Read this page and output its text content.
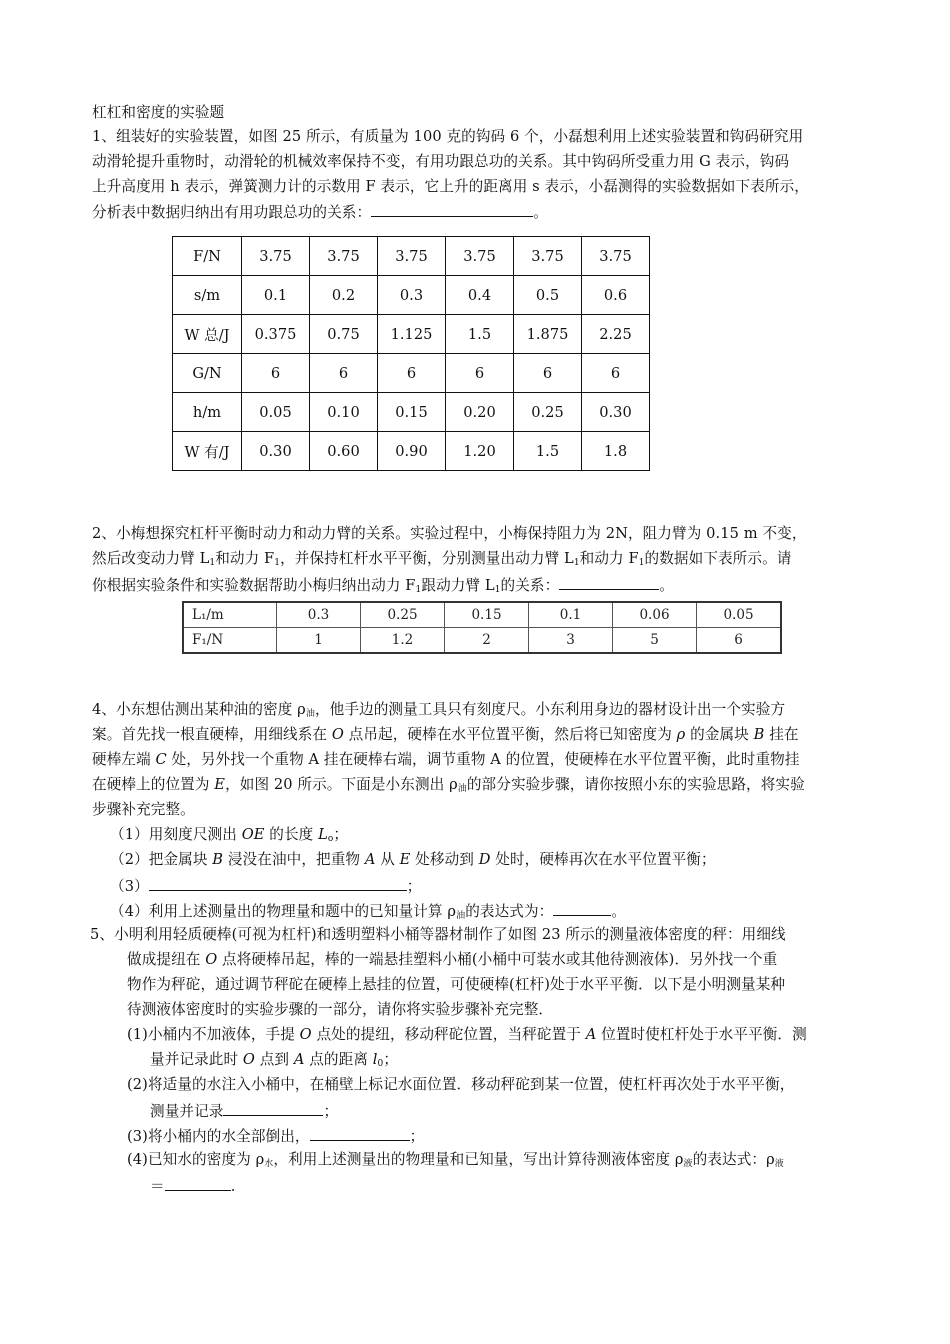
杠杠和密度的实验题
1、组装好的实验装置，如图 25 所示，有质量为 100 克的钩码 6 个，小磊想利用上述实验装置和钩码研究用
动滑轮提升重物时，动滑轮的机械效率保持不变，有用功跟总功的关系。其中钩码所受重力用 G 表示，钩码
上升高度用 h 表示，弹簧测力计的示数用 F 表示，它上升的距离用 s 表示，小磊测得的实验数据如下表所示，
分析表中数据归纳出有用功跟总功的关系：	。
F/N	3.75	3.75	3.75	3.75	3.75	3.75
s/m	0.1	0.2	0.3	0.4	0.5	0.6
W 总/J	0.375	0.75	1.125	1.5	1.875	2.25
G/N	6	6	6	6	6	6
h/m	0.05	0.10	0.15	0.20	0.25	0.30
W 有/J	0.30	0.60	0.90	1.20	1.5	1.8
2、小梅想探究杠杆平衡时动力和动力臂的关系。实验过程中，小梅保持阻力为 2N，阻力臂为 0.15 m 不变，
然后改变动力臂 $L_1$和动力 $F_1$，并保持杠杆水平平衡，分别测量出动力臂 $L_1$和动力 $F_1$的数据如下表所示。请
你根据实验条件和实验数据帮助小梅归纳出动力 $F_1$跟动力臂 $L_1$的关系：	。
L₁/m	0.3	0.25	0.15	0.1	0.06	0.05
F₁/N	1	1.2	2	3	5	6
4、小东想估测出某种油的密度 $\rho_油$，他手边的测量工具只有刻度尺。小东利用身边的器材设计出一个实验方
案。首先找一根直硬棒，用细线系在 O 点吊起，硬棒在水平位置平衡，然后将已知密度为 ρ 的金属块 B 挂在
硬棒左端 C 处，另外找一个重物 A 挂在硬棒右端，调节重物 A 的位置，使硬棒在水平位置平衡，此时重物挂
在硬棒上的位置为 E，如图 20 所示。下面是小东测出 $\rho_油$的部分实验步骤，请你按照小东的实验思路，将实验
步骤补充完整。
（1）用刻度尺测出 OE 的长度 $L_o$；
（2）把金属块 B 浸没在油中，把重物 A 从 E 处移动到 D 处时，硬棒再次在水平位置平衡；
（3）	；
（4）利用上述测量出的物理量和题中的已知量计算 $\rho_油$的表达式为：	。
5、小明利用轻质硬棒(可视为杠杆)和透明塑料小桶等器材制作了如图 23 所示的测量液体密度的秤：用细线
做成提纽在 O 点将硬棒吊起，棒的一端悬挂塑料小桶(小桶中可装水或其他待测液体)．另外找一个重
物作为秤砣，通过调节秤砣在硬棒上悬挂的位置，可使硬棒(杠杆)处于水平平衡．以下是小明测量某种
待测液体密度时的实验步骤的一部分，请你将实验步骤补充完整．
(1)小桶内不加液体，手提 O 点处的提纽，移动秤砣位置，当秤砣置于 A 位置时使杠杆处于水平平衡．测
量并记录此时 O 点到 A 点的距离 $l_0$；
(2)将适量的水注入小桶中，在桶壁上标记水面位置．移动秤砣到某一位置，使杠杆再次处于水平平衡，
测量并记录	；
(3)将小桶内的水全部倒出，	；
(4)已知水的密度为 $\rho_水$，利用上述测量出的物理量和已知量，写出计算待测液体密度 $\rho_液$的表达式：$\rho_液$
＝	.
